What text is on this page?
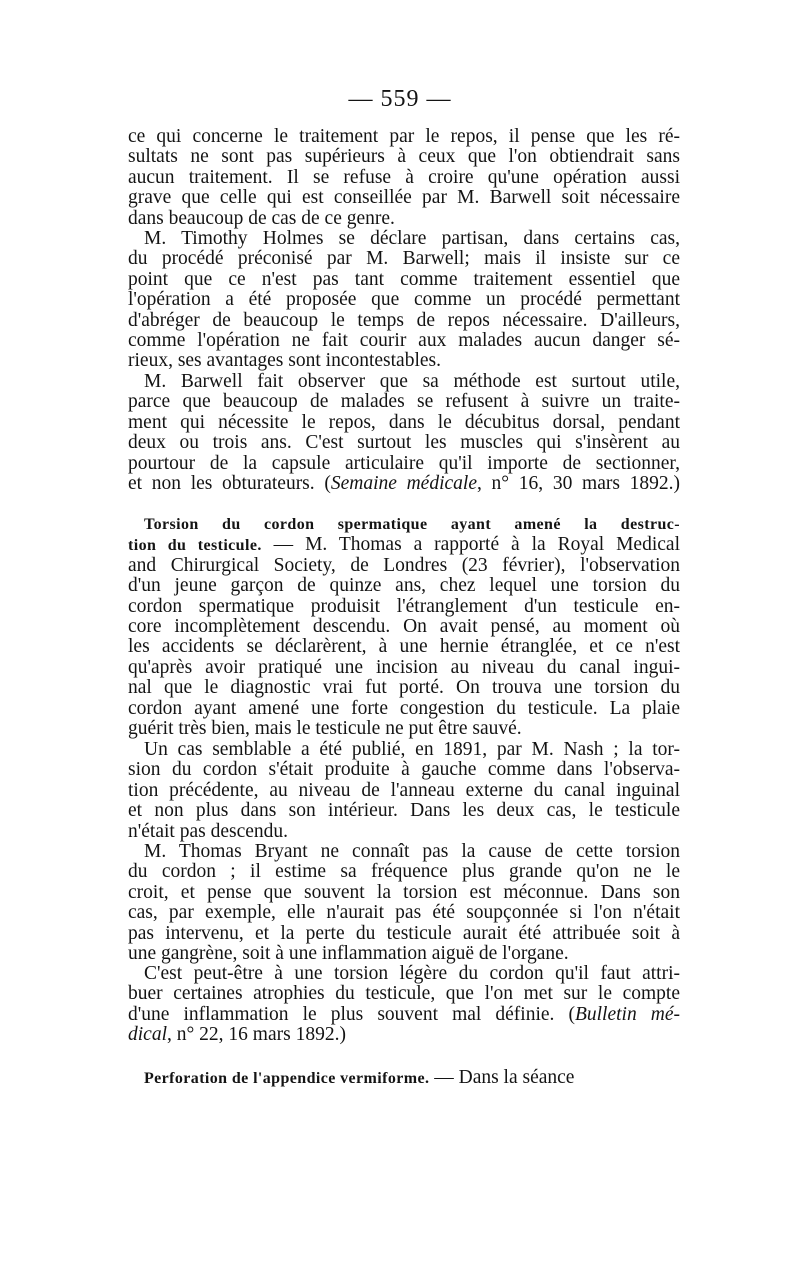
— 559 —
ce qui concerne le traitement par le repos, il pense que les ré-
sultats ne sont pas supérieurs à ceux que l'on obtiendrait sans
aucun traitement. Il se refuse à croire qu'une opération aussi
grave que celle qui est conseillée par M. Barwell soit nécessaire
dans beaucoup de cas de ce genre.
M. Timothy Holmes se déclare partisan, dans certains cas,
du procédé préconisé par M. Barwell; mais il insiste sur ce
point que ce n'est pas tant comme traitement essentiel que
l'opération a été proposée que comme un procédé permettant
d'abréger de beaucoup le temps de repos nécessaire. D'ailleurs,
comme l'opération ne fait courir aux malades aucun danger sé-
rieux, ses avantages sont incontestables.
M. Barwell fait observer que sa méthode est surtout utile,
parce que beaucoup de malades se refusent à suivre un traite-
ment qui nécessite le repos, dans le décubitus dorsal, pendant
deux ou trois ans. C'est surtout les muscles qui s'insèrent au
pourtour de la capsule articulaire qu'il importe de sectionner,
et non les obturateurs. (Semaine médicale, n° 16, 30 mars 1892.)
Torsion du cordon spermatique ayant amené la destruc-
tion du testicule. — M. Thomas a rapporté à la Royal Medical
and Chirurgical Society, de Londres (23 février), l'observation
d'un jeune garçon de quinze ans, chez lequel une torsion du
cordon spermatique produisit l'étranglement d'un testicule en-
core incomplètement descendu. On avait pensé, au moment où
les accidents se déclarèrent, à une hernie étranglée, et ce n'est
qu'après avoir pratiqué une incision au niveau du canal ingui-
nal que le diagnostic vrai fut porté. On trouva une torsion du
cordon ayant amené une forte congestion du testicule. La plaie
guérit très bien, mais le testicule ne put être sauvé.
Un cas semblable a été publié, en 1891, par M. Nash ; la tor-
sion du cordon s'était produite à gauche comme dans l'observa-
tion précédente, au niveau de l'anneau externe du canal inguinal
et non plus dans son intérieur. Dans les deux cas, le testicule
n'était pas descendu.
M. Thomas Bryant ne connaît pas la cause de cette torsion
du cordon ; il estime sa fréquence plus grande qu'on ne le
croit, et pense que souvent la torsion est méconnue. Dans son
cas, par exemple, elle n'aurait pas été soupçonnée si l'on n'était
pas intervenu, et la perte du testicule aurait été attribuée soit à
une gangrène, soit à une inflammation aiguë de l'organe.
C'est peut-être à une torsion légère du cordon qu'il faut attri-
buer certaines atrophies du testicule, que l'on met sur le compte
d'une inflammation le plus souvent mal définie. (Bulletin mé-
dical, n° 22, 16 mars 1892.)
Perforation de l'appendice vermiforme. — Dans la séance
